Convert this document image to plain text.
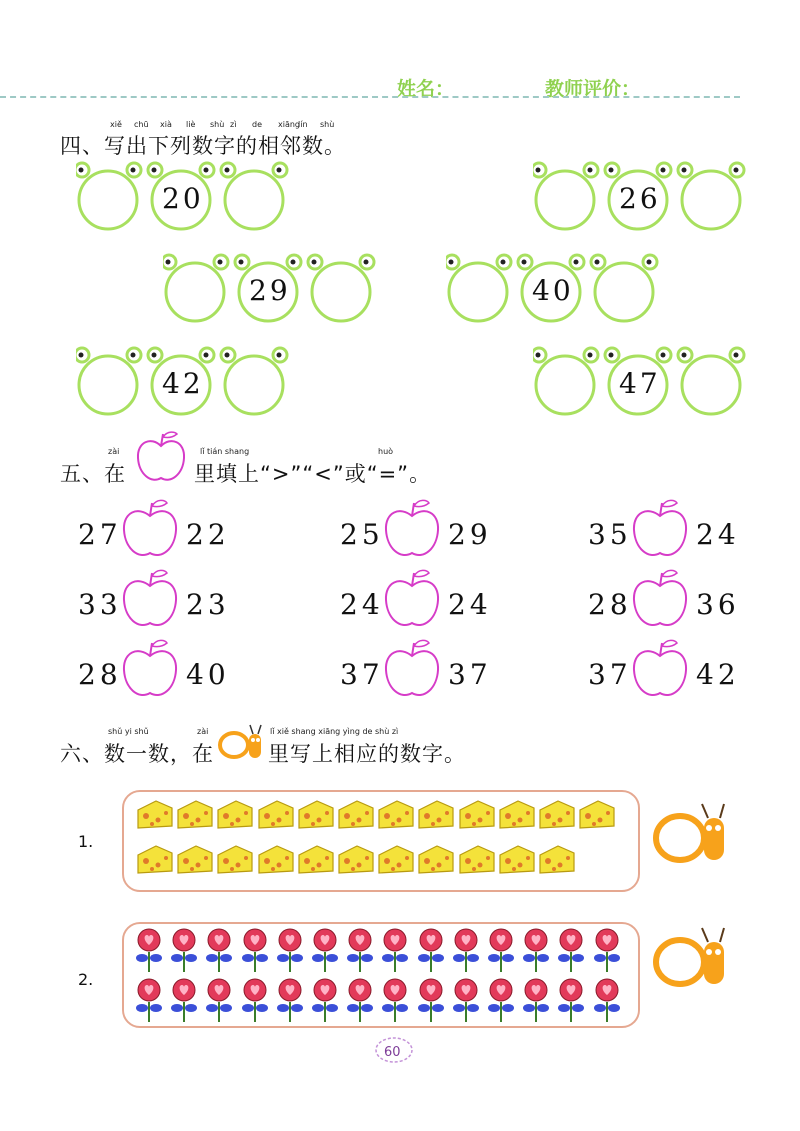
姓名：	教师评价：
xiě chū xià liè shù zì de xiāng
lín shù
四、写出下列数字的相邻数。
20	26
29	40
42	47
zài	lǐ tián shang	huò
五、在	里填上“>”“<”或“=”。
27 22	25 29	35 24
33 23	24 24	28 36
28 40	37 37	37 42
shǔ yi shǔ	zài	lǐ xiě shang xiāng yìng de shù zì
六、数一数，在	里写上相应的数字。
1.
2.
09
